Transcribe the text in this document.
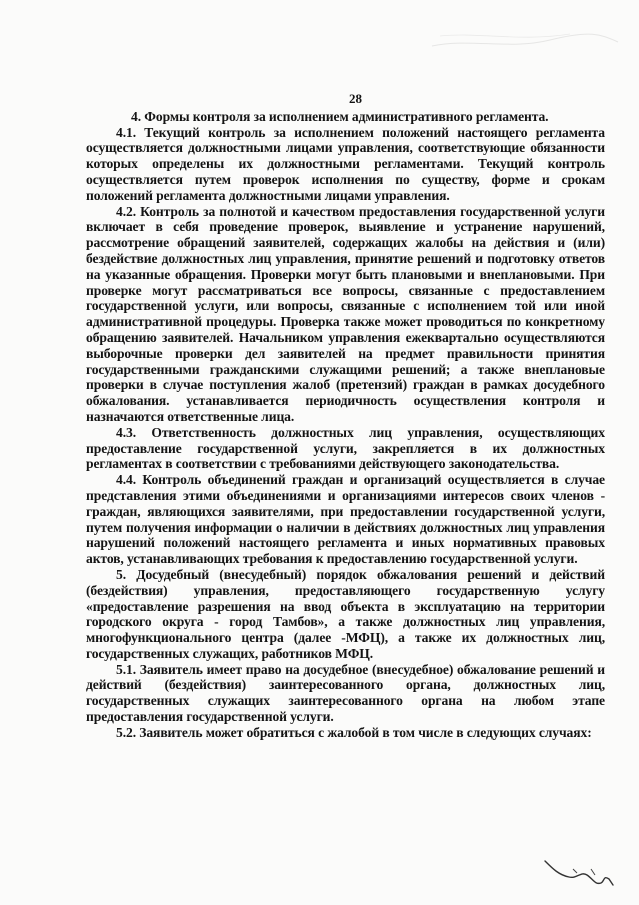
28

4. Формы контроля за исполнением административного регламента.

4.1. Текущий контроль за исполнением положений настоящего регламента осуществляется должностными лицами управления, соответствующие обязанности которых определены их должностными регламентами. Текущий контроль осуществляется путем проверок исполнения по существу, форме и срокам положений регламента должностными лицами управления.

4.2. Контроль за полнотой и качеством предоставления государственной услуги включает в себя проведение проверок, выявление и устранение нарушений, рассмотрение обращений заявителей, содержащих жалобы на действия и (или) бездействие должностных лиц управления, принятие решений и подготовку ответов на указанные обращения. Проверки могут быть плановыми и внеплановыми. При проверке могут рассматриваться все вопросы, связанные с предоставлением государственной услуги, или вопросы, связанные с исполнением той или иной административной процедуры. Проверка также может проводиться по конкретному обращению заявителей. Начальником управления ежеквартально осуществляются выборочные проверки дел заявителей на предмет правильности принятия государственными гражданскими служащими решений; а также внеплановые проверки в случае поступления жалоб (претензий) граждан в рамках досудебного обжалования. устанавливается периодичность осуществления контроля и назначаются ответственные лица.

4.3. Ответственность должностных лиц управления, осуществляющих предоставление государственной услуги, закрепляется в их должностных регламентах в соответствии с требованиями действующего законодательства.

4.4. Контроль объединений граждан и организаций осуществляется в случае представления этими объединениями и организациями интересов своих членов - граждан, являющихся заявителями, при предоставлении государственной услуги, путем получения информации о наличии в действиях должностных лиц управления нарушений положений настоящего регламента и иных нормативных правовых актов, устанавливающих требования к предоставлению государственной услуги.

5. Досудебный (внесудебный) порядок обжалования решений и действий (бездействия) управления, предоставляющего государственную услугу «предоставление разрешения на ввод объекта в эксплуатацию на территории городского округа - город Тамбов», а также должностных лиц управления, многофункционального центра (далее -МФЦ), а также их должностных лиц, государственных служащих, работников МФЦ.

5.1. Заявитель имеет право на досудебное (внесудебное) обжалование решений и действий (бездействия) заинтересованного органа, должностных лиц, государственных служащих заинтересованного органа на любом этапе предоставления государственной услуги.

5.2. Заявитель может обратиться с жалобой в том числе в следующих случаях:
